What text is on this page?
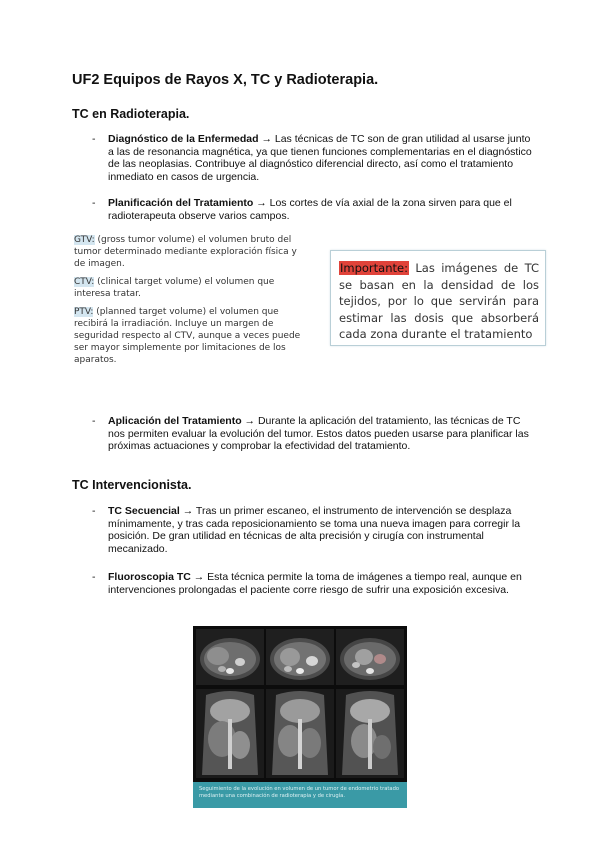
UF2 Equipos de Rayos X, TC y Radioterapia.
TC en Radioterapia.
- Diagnóstico de la Enfermedad → Las técnicas de TC son de gran utilidad al usarse junto a las de resonancia magnética, ya que tienen funciones complementarias en el diagnóstico de las neoplasias. Contribuye al diagnóstico diferencial directo, así como el tratamiento inmediato en casos de urgencia.
- Planificación del Tratamiento → Los cortes de vía axial de la zona sirven para que el radioterapeuta observe varios campos.

GTV: (gross tumor volume) el volumen bruto del tumor determinado mediante exploración física y de imagen.

CTV: (clinical target volume) el volumen que interesa tratar.

PTV: (planned target volume) el volumen que recibirá la irradiación. Incluye un margen de seguridad respecto al CTV, aunque a veces puede ser mayor simplemente por limitaciones de los aparatos.

Importante: Las imágenes de TC se basan en la densidad de los tejidos, por lo que servirán para estimar las dosis que absorberá cada zona durante el tratamiento
- Aplicación del Tratamiento → Durante la aplicación del tratamiento, las técnicas de TC nos permiten evaluar la evolución del tumor. Estos datos pueden usarse para planificar las próximas actuaciones y comprobar la efectividad del tratamiento.
TC Intervencionista.
- TC Secuencial → Tras un primer escaneo, el instrumento de intervención se desplaza mínimamente, y tras cada reposicionamiento se toma una nueva imagen para corregir la posición. De gran utilidad en técnicas de alta precisión y cirugía con instrumental mecanizado.
- Fluoroscopia TC → Esta técnica permite la toma de imágenes a tiempo real, aunque en intervenciones prolongadas el paciente corre riesgo de sufrir una exposición excesiva.
Seguimiento de la evolución en volumen de un tumor de endometrio tratado mediante una combinación de radioterapia y de cirugía.
